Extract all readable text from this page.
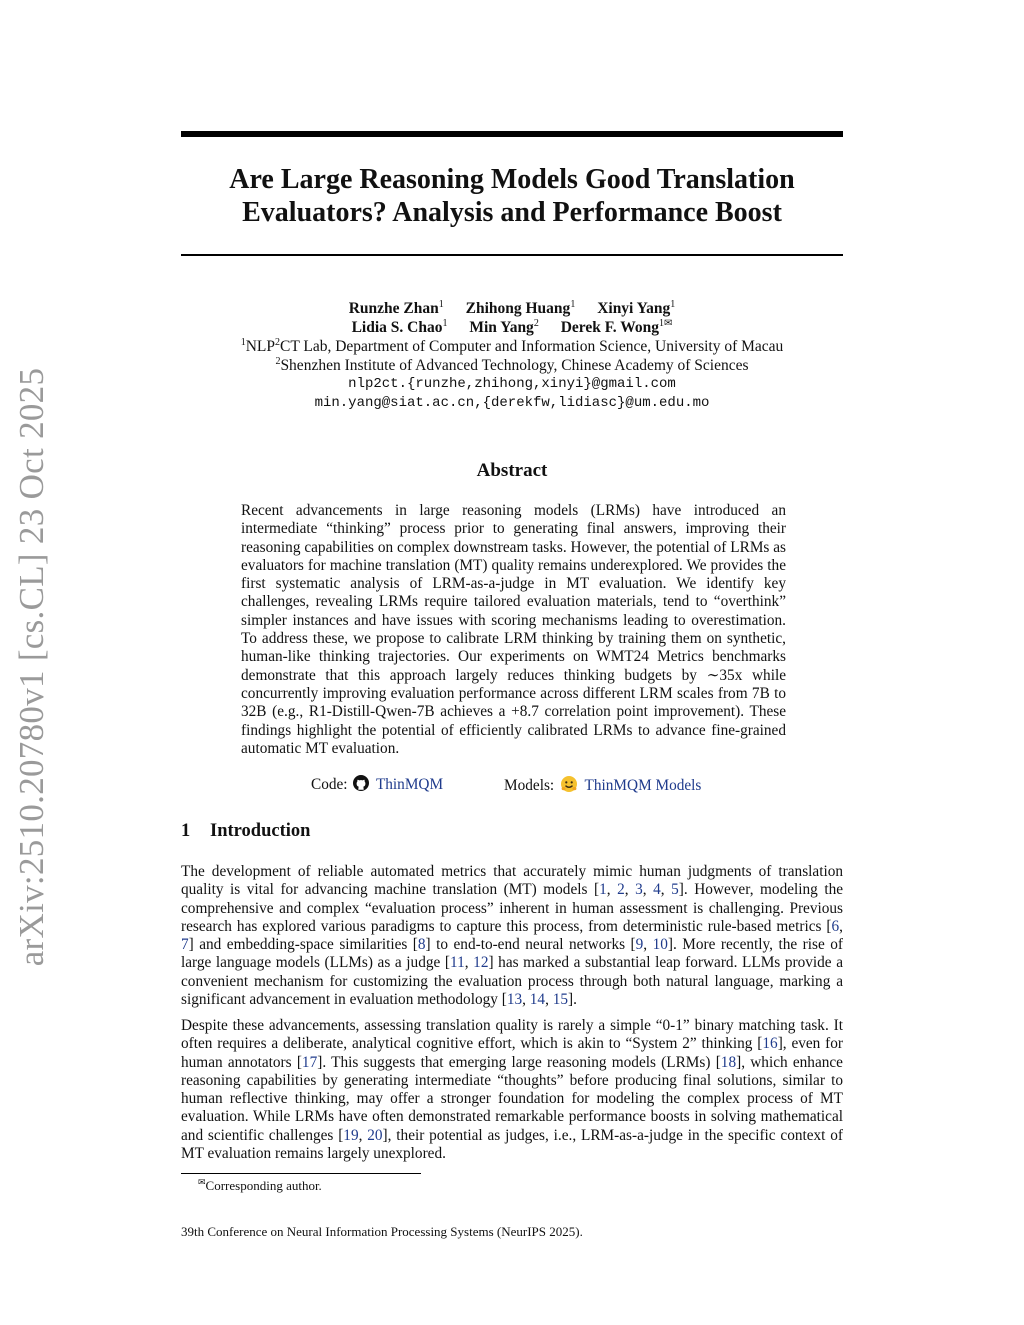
arXiv:2510.20780v1 [cs.CL] 23 Oct 2025
Are Large Reasoning Models Good Translation
Evaluators? Analysis and Performance Boost
Runzhe Zhan$^1$ Zhihong Huang$^1$ Xinyi Yang$^1$
Lidia S. Chao$^1$ Min Yang$^2$ Derek F. Wong$^{1✉}$
$^1$NLP$^2$CT Lab, Department of Computer and Information Science, University of Macau
$^2$Shenzhen Institute of Advanced Technology, Chinese Academy of Sciences
nlp2ct.{runzhe,zhihong,xinyi}@gmail.com
min.yang@siat.ac.cn,{derekfw,lidiasc}@um.edu.mo
Abstract

Recent advancements in large reasoning models (LRMs) have introduced an intermediate “thinking” process prior to generating final answers, improving their reasoning capabilities on complex downstream tasks. However, the potential of LRMs as evaluators for machine translation (MT) quality remains underexplored. We provides the first systematic analysis of LRM-as-a-judge in MT evaluation. We identify key challenges, revealing LRMs require tailored evaluation materials, tend to “overthink” simpler instances and have issues with scoring mechanisms leading to overestimation. To address these, we propose to calibrate LRM thinking by training them on synthetic, human-like thinking trajectories. Our experiments on WMT24 Metrics benchmarks demonstrate that this approach largely reduces thinking budgets by ∼35x while concurrently improving evaluation performance across different LRM scales from 7B to 32B (e.g., R1-Distill-Qwen-7B achieves a +8.7 correlation point improvement). These findings highlight the potential of efficiently calibrated LRMs to advance fine-grained automatic MT evaluation.

Code: ThinMQM	Models: ThinMQM Models
1 Introduction

The development of reliable automated metrics that accurately mimic human judgments of translation quality is vital for advancing machine translation (MT) models [1, 2, 3, 4, 5]. However, modeling the comprehensive and complex “evaluation process” inherent in human assessment is challenging. Previous research has explored various paradigms to capture this process, from deterministic rule-based metrics [6, 7] and embedding-space similarities [8] to end-to-end neural networks [9, 10]. More recently, the rise of large language models (LLMs) as a judge [11, 12] has marked a substantial leap forward. LLMs provide a convenient mechanism for customizing the evaluation process through both natural language, marking a significant advancement in evaluation methodology [13, 14, 15].

Despite these advancements, assessing translation quality is rarely a simple “0-1” binary matching task. It often requires a deliberate, analytical cognitive effort, which is akin to “System 2” thinking [16], even for human annotators [17]. This suggests that emerging large reasoning models (LRMs) [18], which enhance reasoning capabilities by generating intermediate “thoughts” before producing final solutions, similar to human reflective thinking, may offer a stronger foundation for modeling the complex process of MT evaluation. While LRMs have often demonstrated remarkable performance boosts in solving mathematical and scientific challenges [19, 20], their potential as judges, i.e., LRM-as-a-judge in the specific context of MT evaluation remains largely unexplored.

✉Corresponding author.

39th Conference on Neural Information Processing Systems (NeurIPS 2025).
